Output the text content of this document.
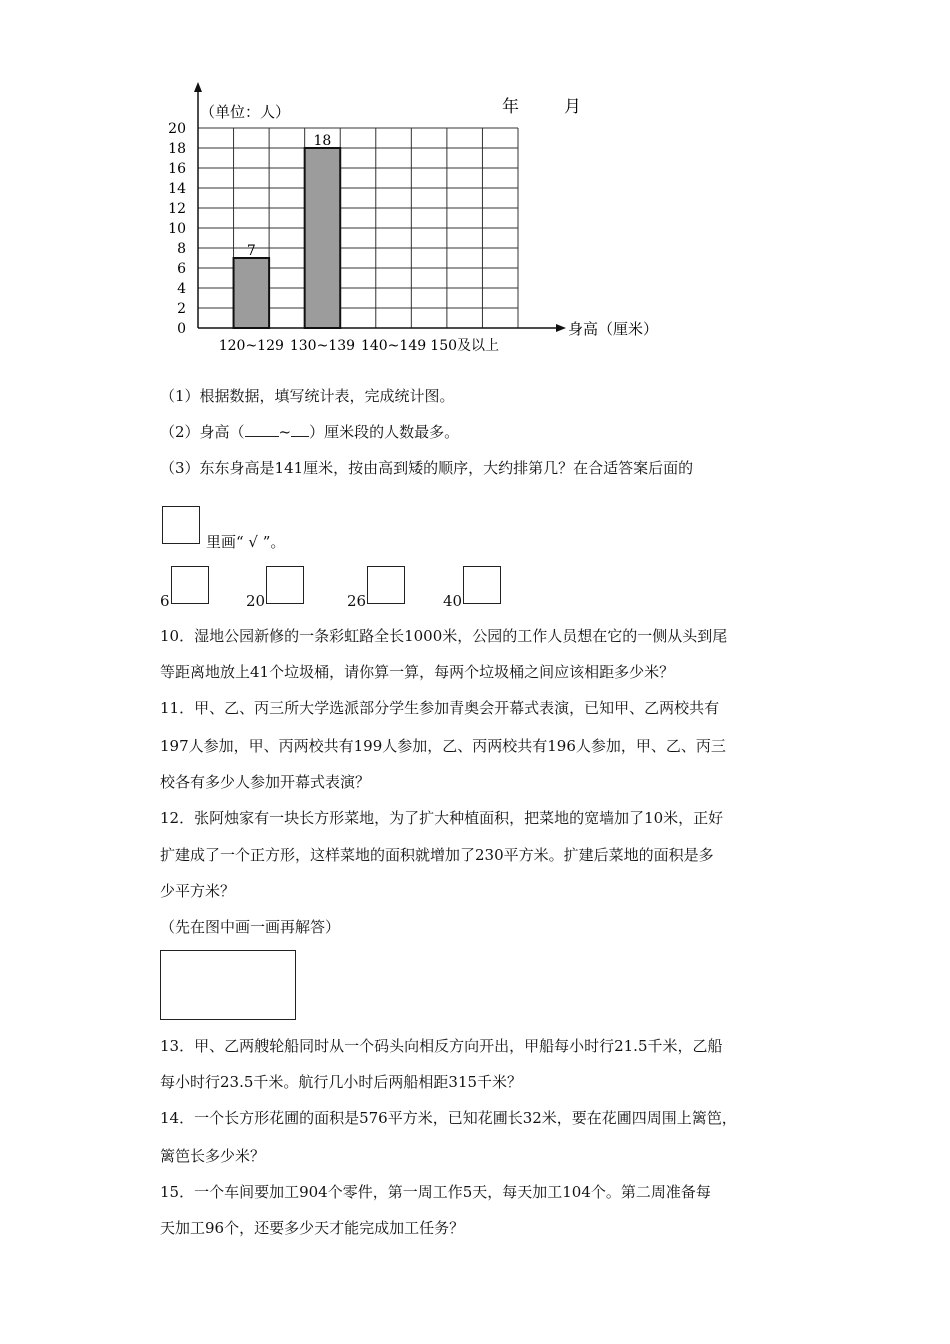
0
2
4
6
8
10
12
14
16
18
20
7
18
120~129 130~139 140~149 150及以上
（单位：人）	年	月
身高（厘米）
（1）根据数据，填写统计表，完成统计图。
（2）身高（ ~ ）厘米段的人数最多。
（3）东东身高是141厘米，按由高到矮的顺序，大约排第几？在合适答案后面的
里画“ √ ”。
6	20	26	40
10．湿地公园新修的一条彩虹路全长1000米，公园的工作人员想在它的一侧从头到尾
等距离地放上41个垃圾桶，请你算一算，每两个垃圾桶之间应该相距多少米？
11．甲、乙、丙三所大学选派部分学生参加青奥会开幕式表演，已知甲、乙两校共有
197人参加，甲、丙两校共有199人参加，乙、丙两校共有196人参加，甲、乙、丙三
校各有多少人参加开幕式表演？
12．张阿烛家有一块长方形菜地，为了扩大种植面积，把菜地的宽墙加了10米，正好
扩建成了一个正方形，这样菜地的面积就增加了230平方米。扩建后菜地的面积是多
少平方米？
（先在图中画一画再解答）
13．甲、乙两艘轮船同时从一个码头向相反方向开出，甲船每小时行21.5千米，乙船
每小时行23.5千米。航行几小时后两船相距315千米？
14．一个长方形花圃的面积是576平方米，已知花圃长32米，要在花圃四周围上篱笆，
篱笆长多少米？
15．一个车间要加工904个零件，第一周工作5天，每天加工104个。第二周准备每
天加工96个，还要多少天才能完成加工任务？
